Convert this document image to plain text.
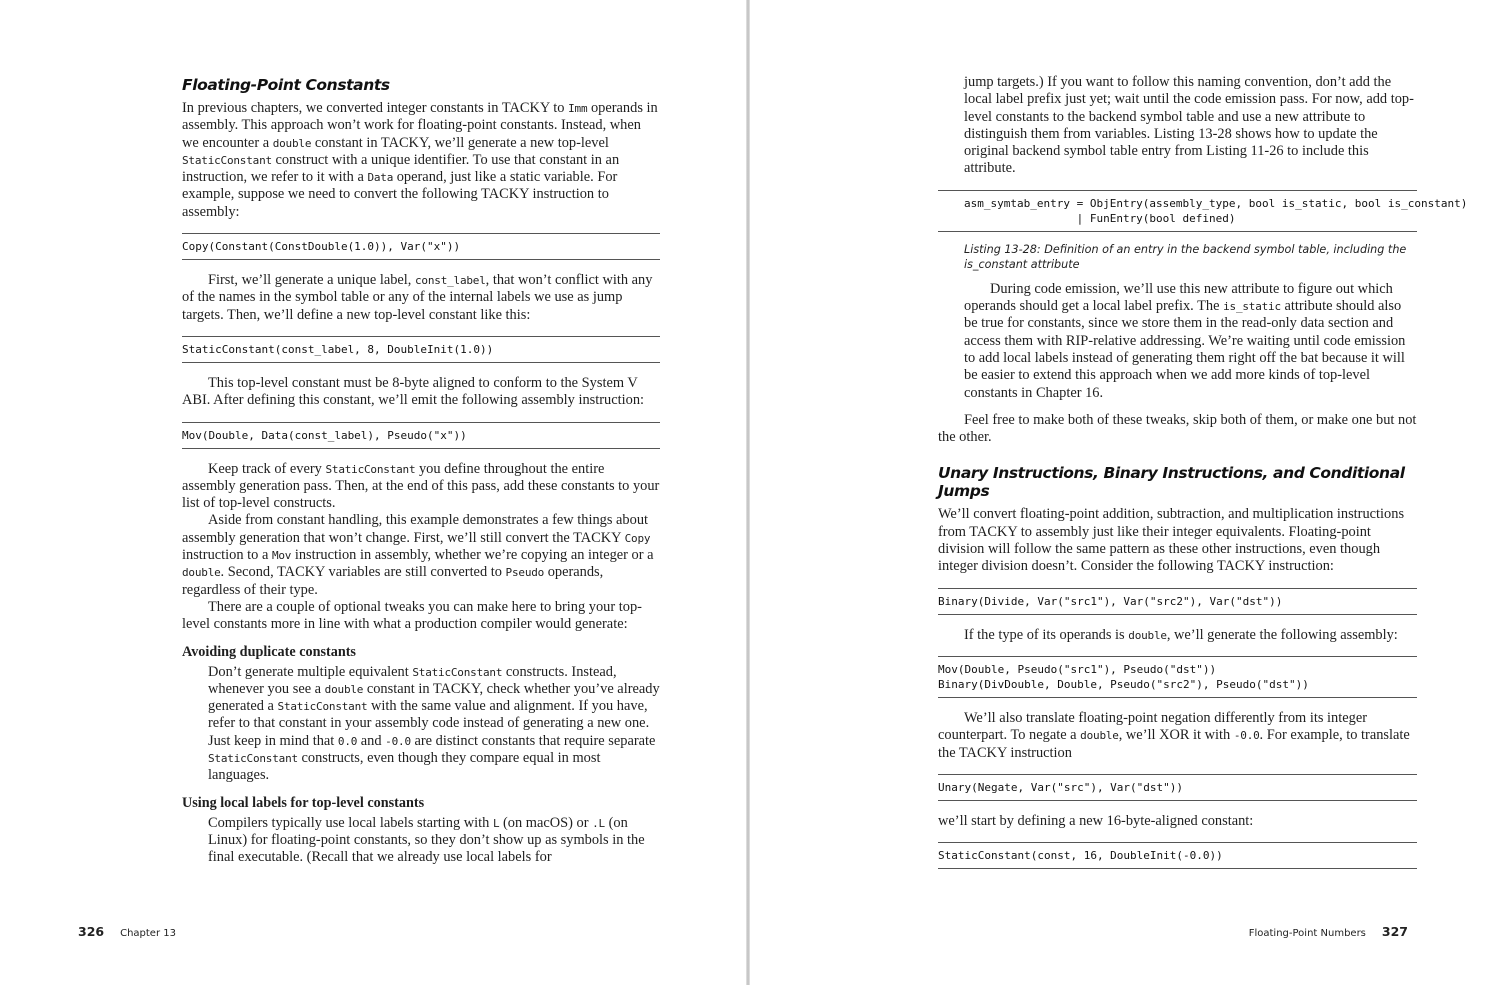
Floating-Point Constants

In previous chapters, we converted integer constants in TACKY to Imm operands in assembly. This approach won’t work for floating-point constants. Instead, when we encounter a double constant in TACKY, we’ll generate a new top-level StaticConstant construct with a unique identifier. To use that constant in an instruction, we refer to it with a Data operand, just like a static variable. For example, suppose we need to convert the following TACKY instruction to assembly:

Copy(Constant(ConstDouble(1.0)), Var("x"))

First, we’ll generate a unique label, const_label, that won’t conflict with any of the names in the symbol table or any of the internal labels we use as jump targets. Then, we’ll define a new top-level constant like this:

StaticConstant(const_label, 8, DoubleInit(1.0))

This top-level constant must be 8-byte aligned to conform to the System V ABI. After defining this constant, we’ll emit the following assembly instruction:

Mov(Double, Data(const_label), Pseudo("x"))

Keep track of every StaticConstant you define throughout the entire assembly generation pass. Then, at the end of this pass, add these constants to your list of top-level constructs.

Aside from constant handling, this example demonstrates a few things about assembly generation that won’t change. First, we’ll still convert the TACKY Copy instruction to a Mov instruction in assembly, whether we’re copying an integer or a double. Second, TACKY variables are still converted to Pseudo operands, regardless of their type.

There are a couple of optional tweaks you can make here to bring your top-level constants more in line with what a production compiler would generate:

Avoiding duplicate constants

Don’t generate multiple equivalent StaticConstant constructs. Instead, whenever you see a double constant in TACKY, check whether you’ve already generated a StaticConstant with the same value and alignment. If you have, refer to that constant in your assembly code instead of generating a new one. Just keep in mind that 0.0 and -0.0 are distinct constants that require separate StaticConstant constructs, even though they compare equal in most languages.

Using local labels for top-level constants

Compilers typically use local labels starting with L (on macOS) or .L (on Linux) for floating-point constants, so they don’t show up as symbols in the final executable. (Recall that we already use local labels for

326 Chapter 13

jump targets.) If you want to follow this naming convention, don’t add the local label prefix just yet; wait until the code emission pass. For now, add top-level constants to the backend symbol table and use a new attribute to distinguish them from variables. Listing 13-28 shows how to update the original backend symbol table entry from Listing 11-26 to include this attribute.

asm_symtab_entry = ObjEntry(assembly_type, bool is_static, bool is_constant)
| FunEntry(bool defined)
Listing 13-28: Definition of an entry in the backend symbol table, including the is_constant attribute

During code emission, we’ll use this new attribute to figure out which operands should get a local label prefix. The is_static attribute should also be true for constants, since we store them in the read-only data section and access them with RIP-relative addressing. We’re waiting until code emission to add local labels instead of generating them right off the bat because it will be easier to extend this approach when we add more kinds of top-level constants in Chapter 16.

Feel free to make both of these tweaks, skip both of them, or make one but not the other.

Unary Instructions, Binary Instructions, and Conditional Jumps

We’ll convert floating-point addition, subtraction, and multiplication instructions from TACKY to assembly just like their integer equivalents. Floating-point division will follow the same pattern as these other instructions, even though integer division doesn’t. Consider the following TACKY instruction:

Binary(Divide, Var("src1"), Var("src2"), Var("dst"))

If the type of its operands is double, we’ll generate the following assembly:

Mov(Double, Pseudo("src1"), Pseudo("dst"))
Binary(DivDouble, Double, Pseudo("src2"), Pseudo("dst"))

We’ll also translate floating-point negation differently from its integer counterpart. To negate a double, we’ll XOR it with -0.0. For example, to translate the TACKY instruction

Unary(Negate, Var("src"), Var("dst"))

we’ll start by defining a new 16-byte-aligned constant:

StaticConstant(const, 16, DoubleInit(-0.0))
Floating-Point Numbers 327
